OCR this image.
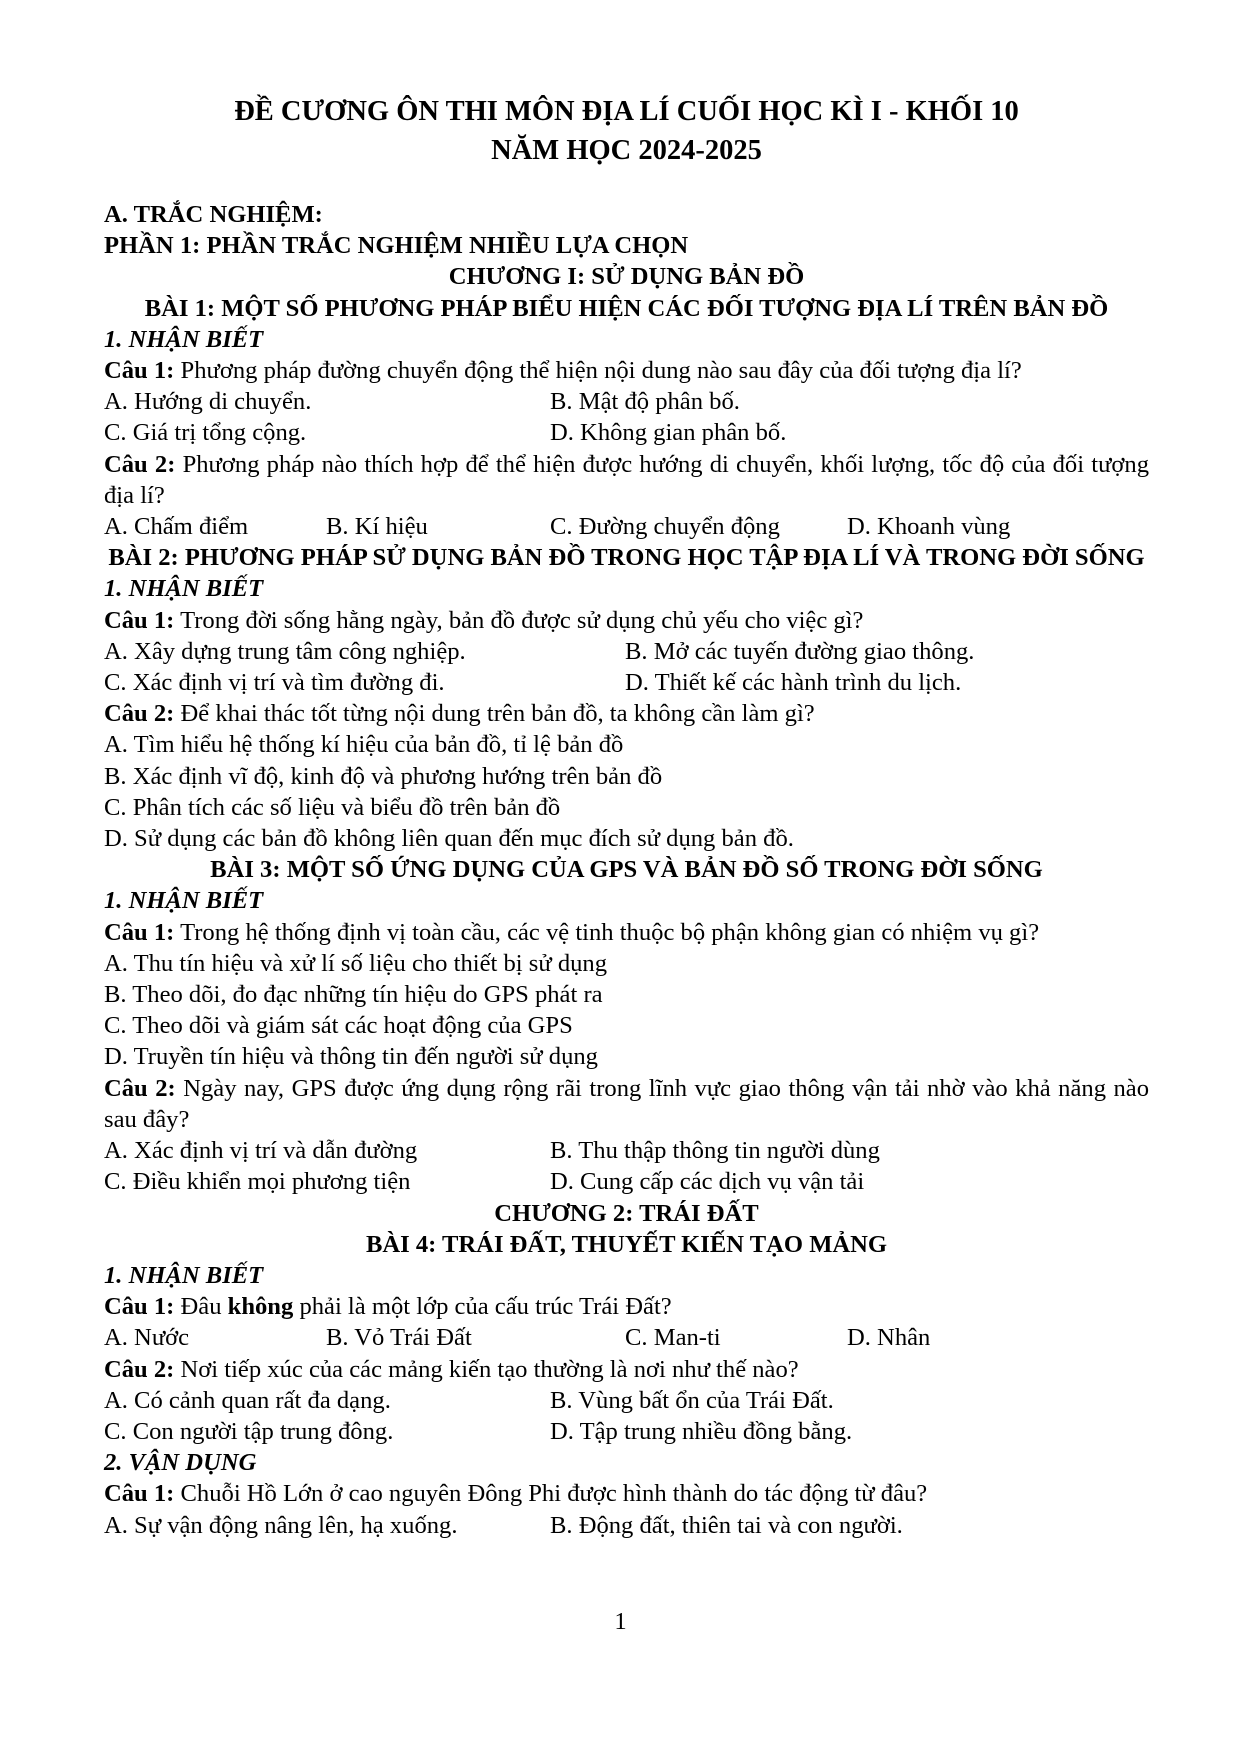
ĐỀ CƯƠNG ÔN THI MÔN ĐỊA LÍ CUỐI HỌC KÌ I - KHỐI 10
NĂM HỌC 2024-2025
A. TRẮC NGHIỆM:
PHẦN 1: PHẦN TRẮC NGHIỆM NHIỀU LỰA CHỌN
CHƯƠNG I: SỬ DỤNG BẢN ĐỒ
BÀI 1: MỘT SỐ PHƯƠNG PHÁP BIỂU HIỆN CÁC ĐỐI TƯỢNG ĐỊA LÍ TRÊN BẢN ĐỒ
1. NHẬN BIẾT
Câu 1: Phương pháp đường chuyển động thể hiện nội dung nào sau đây của đối tượng địa lí?
A. Hướng di chuyển.	B. Mật độ phân bố.
C. Giá trị tổng cộng.	D. Không gian phân bố.
Câu 2: Phương pháp nào thích hợp để thể hiện được hướng di chuyển, khối lượng, tốc độ của đối tượng địa lí?
A. Chấm điểm	B. Kí hiệu	C. Đường chuyển động	D. Khoanh vùng
BÀI 2: PHƯƠNG PHÁP SỬ DỤNG BẢN ĐỒ TRONG HỌC TẬP ĐỊA LÍ VÀ TRONG ĐỜI SỐNG
1. NHẬN BIẾT
Câu 1: Trong đời sống hằng ngày, bản đồ được sử dụng chủ yếu cho việc gì?
A. Xây dựng trung tâm công nghiệp.	B. Mở các tuyến đường giao thông.
C. Xác định vị trí và tìm đường đi.	D. Thiết kế các hành trình du lịch.
Câu 2: Để khai thác tốt từng nội dung trên bản đồ, ta không cần làm gì?
A. Tìm hiểu hệ thống kí hiệu của bản đồ, tỉ lệ bản đồ
B. Xác định vĩ độ, kinh độ và phương hướng trên bản đồ
C. Phân tích các số liệu và biểu đồ trên bản đồ
D. Sử dụng các bản đồ không liên quan đến mục đích sử dụng bản đồ.
BÀI 3: MỘT SỐ ỨNG DỤNG CỦA GPS VÀ BẢN ĐỒ SỐ TRONG ĐỜI SỐNG
1. NHẬN BIẾT
Câu 1: Trong hệ thống định vị toàn cầu, các vệ tinh thuộc bộ phận không gian có nhiệm vụ gì?
A. Thu tín hiệu và xử lí số liệu cho thiết bị sử dụng
B. Theo dõi, đo đạc những tín hiệu do GPS phát ra
C. Theo dõi và giám sát các hoạt động của GPS
D. Truyền tín hiệu và thông tin đến người sử dụng
Câu 2: Ngày nay, GPS được ứng dụng rộng rãi trong lĩnh vực giao thông vận tải nhờ vào khả năng nào sau đây?
A. Xác định vị trí và dẫn đường	B. Thu thập thông tin người dùng
C. Điều khiển mọi phương tiện	D. Cung cấp các dịch vụ vận tải
CHƯƠNG 2: TRÁI ĐẤT
BÀI 4: TRÁI ĐẤT, THUYẾT KIẾN TẠO MẢNG
1. NHẬN BIẾT
Câu 1: Đâu không phải là một lớp của cấu trúc Trái Đất?
A. Nước	B. Vỏ Trái Đất	C. Man-ti	D. Nhân
Câu 2: Nơi tiếp xúc của các mảng kiến tạo thường là nơi như thế nào?
A. Có cảnh quan rất đa dạng.	B. Vùng bất ổn của Trái Đất.
C. Con người tập trung đông.	D. Tập trung nhiều đồng bằng.
2. VẬN DỤNG
Câu 1: Chuỗi Hồ Lớn ở cao nguyên Đông Phi được hình thành do tác động từ đâu?
A. Sự vận động nâng lên, hạ xuống.	B. Động đất, thiên tai và con người.
1
